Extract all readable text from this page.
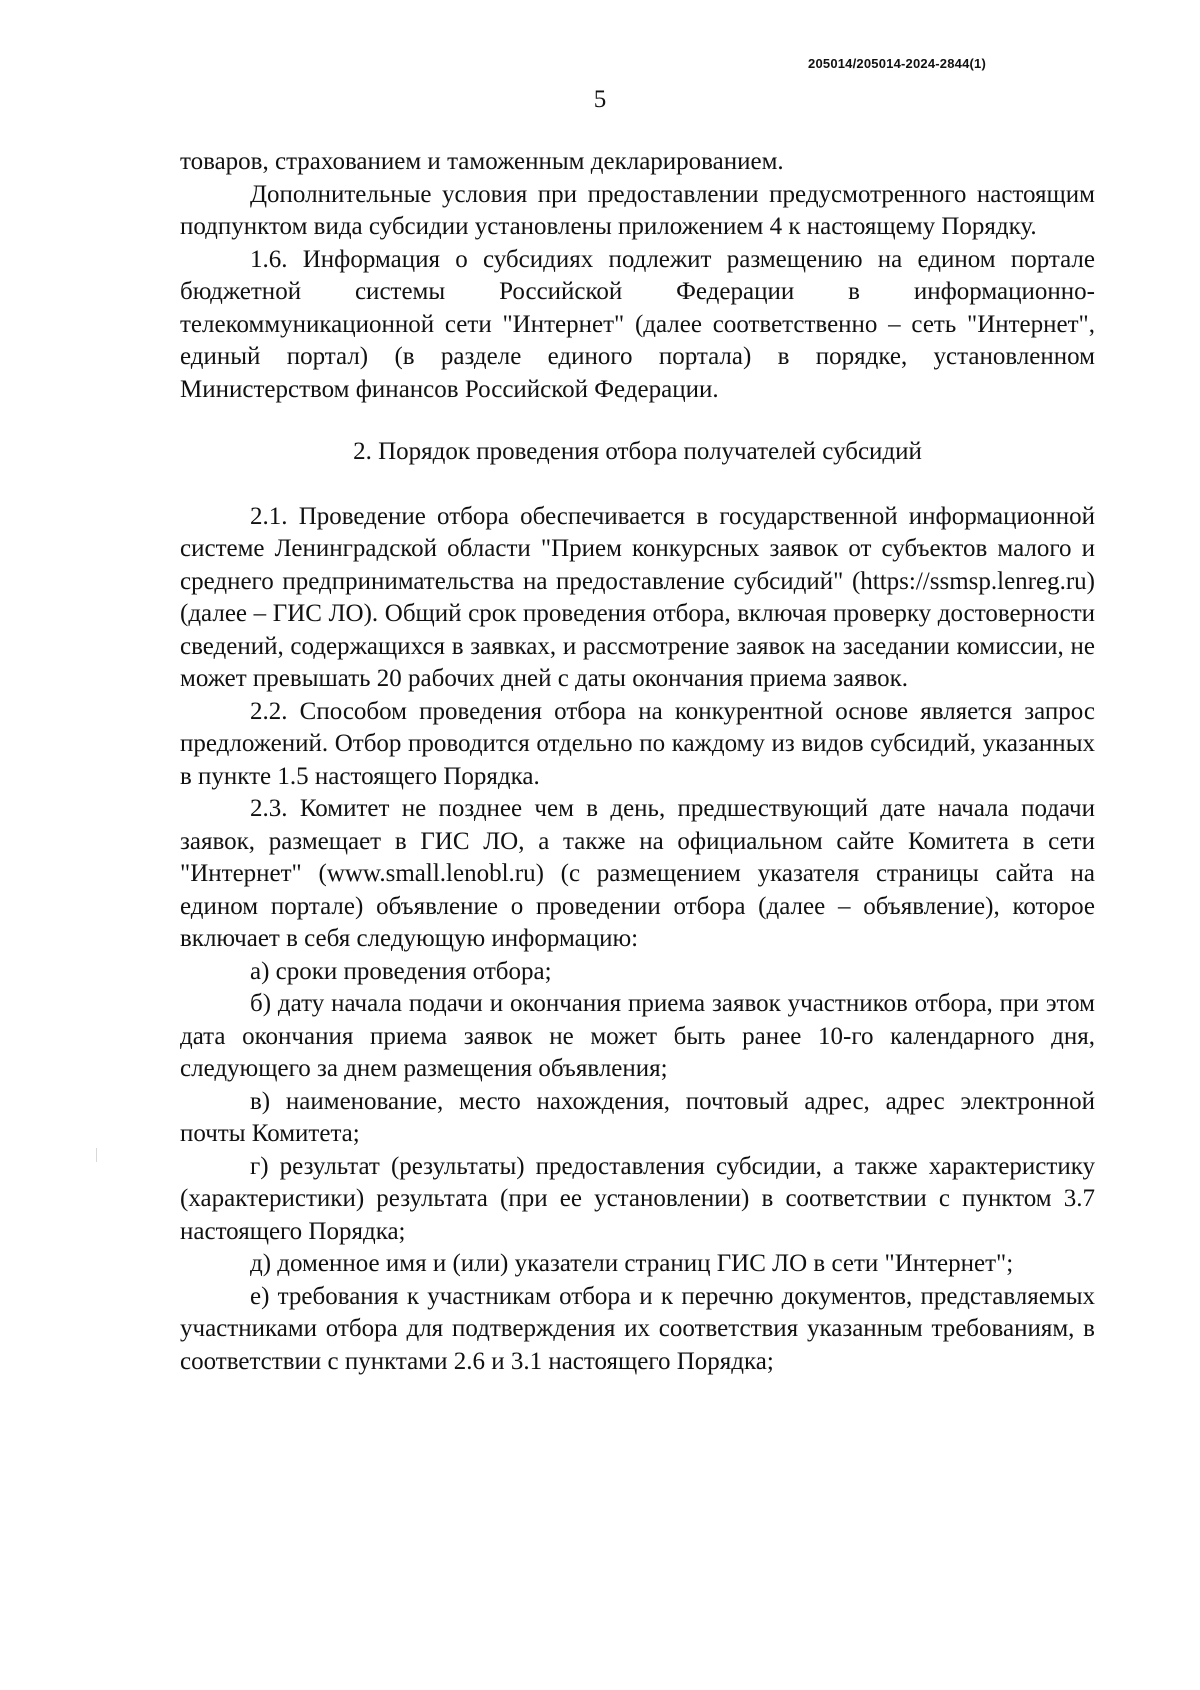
205014/205014-2024-2844(1)
5

товаров, страхованием и таможенным декларированием.

Дополнительные условия при предоставлении предусмотренного настоящим подпунктом вида субсидии установлены приложением 4 к настоящему Порядку.

1.6. Информация о субсидиях подлежит размещению на едином портале бюджетной системы Российской Федерации в информационно-телекоммуникационной сети "Интернет" (далее соответственно – сеть "Интернет", единый портал) (в разделе единого портала) в порядке, установленном Министерством финансов Российской Федерации.

2. Порядок проведения отбора получателей субсидий

2.1. Проведение отбора обеспечивается в государственной информационной системе Ленинградской области "Прием конкурсных заявок от субъектов малого и среднего предпринимательства на предоставление субсидий" (https://ssmsp.lenreg.ru) (далее – ГИС ЛО). Общий срок проведения отбора, включая проверку достоверности сведений, содержащихся в заявках, и рассмотрение заявок на заседании комиссии, не может превышать 20 рабочих дней с даты окончания приема заявок.

2.2. Способом проведения отбора на конкурентной основе является запрос предложений. Отбор проводится отдельно по каждому из видов субсидий, указанных в пункте 1.5 настоящего Порядка.

2.3. Комитет не позднее чем в день, предшествующий дате начала подачи заявок, размещает в ГИС ЛО, а также на официальном сайте Комитета в сети "Интернет" (www.small.lenobl.ru) (с размещением указателя страницы сайта на едином портале) объявление о проведении отбора (далее – объявление), которое включает в себя следующую информацию:

а) сроки проведения отбора;

б) дату начала подачи и окончания приема заявок участников отбора, при этом дата окончания приема заявок не может быть ранее 10-го календарного дня, следующего за днем размещения объявления;

в) наименование, место нахождения, почтовый адрес, адрес электронной почты Комитета;

г) результат (результаты) предоставления субсидии, а также характеристику (характеристики) результата (при ее установлении) в соответствии с пунктом 3.7 настоящего Порядка;

д) доменное имя и (или) указатели страниц ГИС ЛО в сети "Интернет";

е) требования к участникам отбора и к перечню документов, представляемых участниками отбора для подтверждения их соответствия указанным требованиям, в соответствии с пунктами 2.6 и 3.1 настоящего Порядка;
